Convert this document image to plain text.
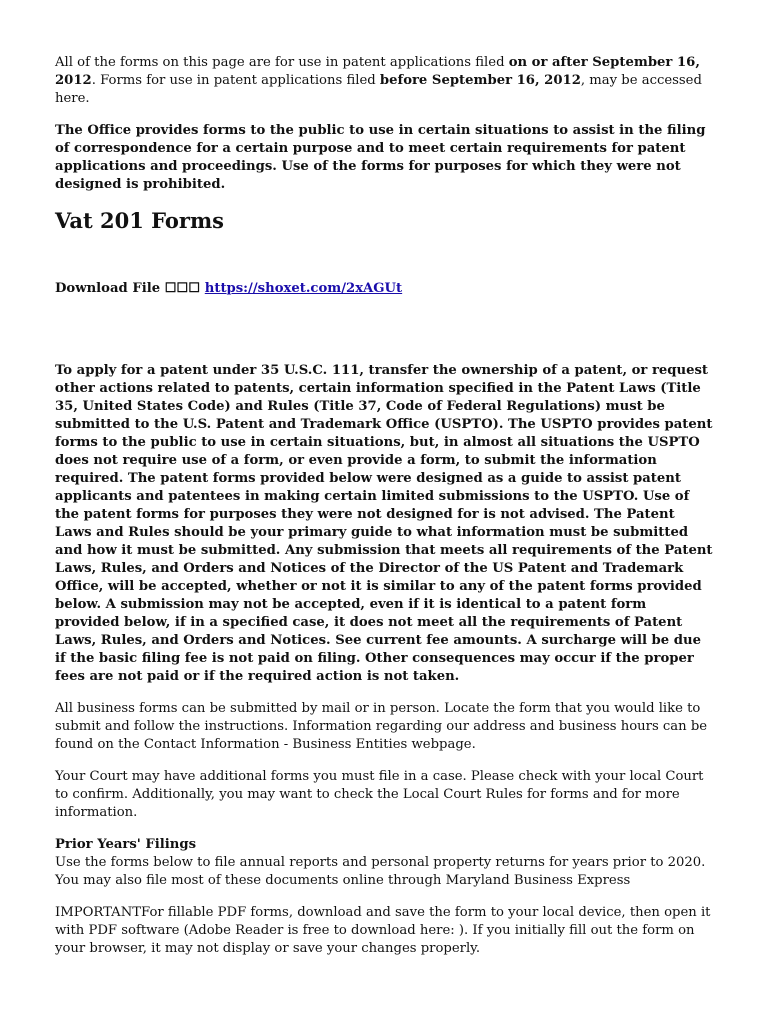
All of the forms on this page are for use in patent applications filed on or after September 16, 2012. Forms for use in patent applications filed before September 16, 2012, may be accessed here.

The Office provides forms to the public to use in certain situations to assist in the filing of correspondence for a certain purpose and to meet certain requirements for patent applications and proceedings. Use of the forms for purposes for which they were not designed is prohibited.

Vat 201 Forms
Download File ☐☐☐ https://shoxet.com/2xAGUt

To apply for a patent under 35 U.S.C. 111, transfer the ownership of a patent, or request other actions related to patents, certain information specified in the Patent Laws (Title 35, United States Code) and Rules (Title 37, Code of Federal Regulations) must be submitted to the U.S. Patent and Trademark Office (USPTO). The USPTO provides patent forms to the public to use in certain situations, but, in almost all situations the USPTO does not require use of a form, or even provide a form, to submit the information required. The patent forms provided below were designed as a guide to assist patent applicants and patentees in making certain limited submissions to the USPTO. Use of the patent forms for purposes they were not designed for is not advised. The Patent Laws and Rules should be your primary guide to what information must be submitted and how it must be submitted. Any submission that meets all requirements of the Patent Laws, Rules, and Orders and Notices of the Director of the US Patent and Trademark Office, will be accepted, whether or not it is similar to any of the patent forms provided below. A submission may not be accepted, even if it is identical to a patent form provided below, if in a specified case, it does not meet all the requirements of Patent Laws, Rules, and Orders and Notices. See current fee amounts. A surcharge will be due if the basic filing fee is not paid on filing. Other consequences may occur if the proper fees are not paid or if the required action is not taken.

All business forms can be submitted by mail or in person. Locate the form that you would like to submit and follow the instructions. Information regarding our address and business hours can be found on the Contact Information - Business Entities webpage.

Your Court may have additional forms you must file in a case. Please check with your local Court to confirm. Additionally, you may want to check the Local Court Rules for forms and for more information.

Prior Years' Filings

Use the forms below to file annual reports and personal property returns for years prior to 2020. You may also file most of these documents online through Maryland Business Express

IMPORTANTFor fillable PDF forms, download and save the form to your local device, then open it with PDF software (Adobe Reader is free to download here: ). If you initially fill out the form on your browser, it may not display or save your changes properly.
